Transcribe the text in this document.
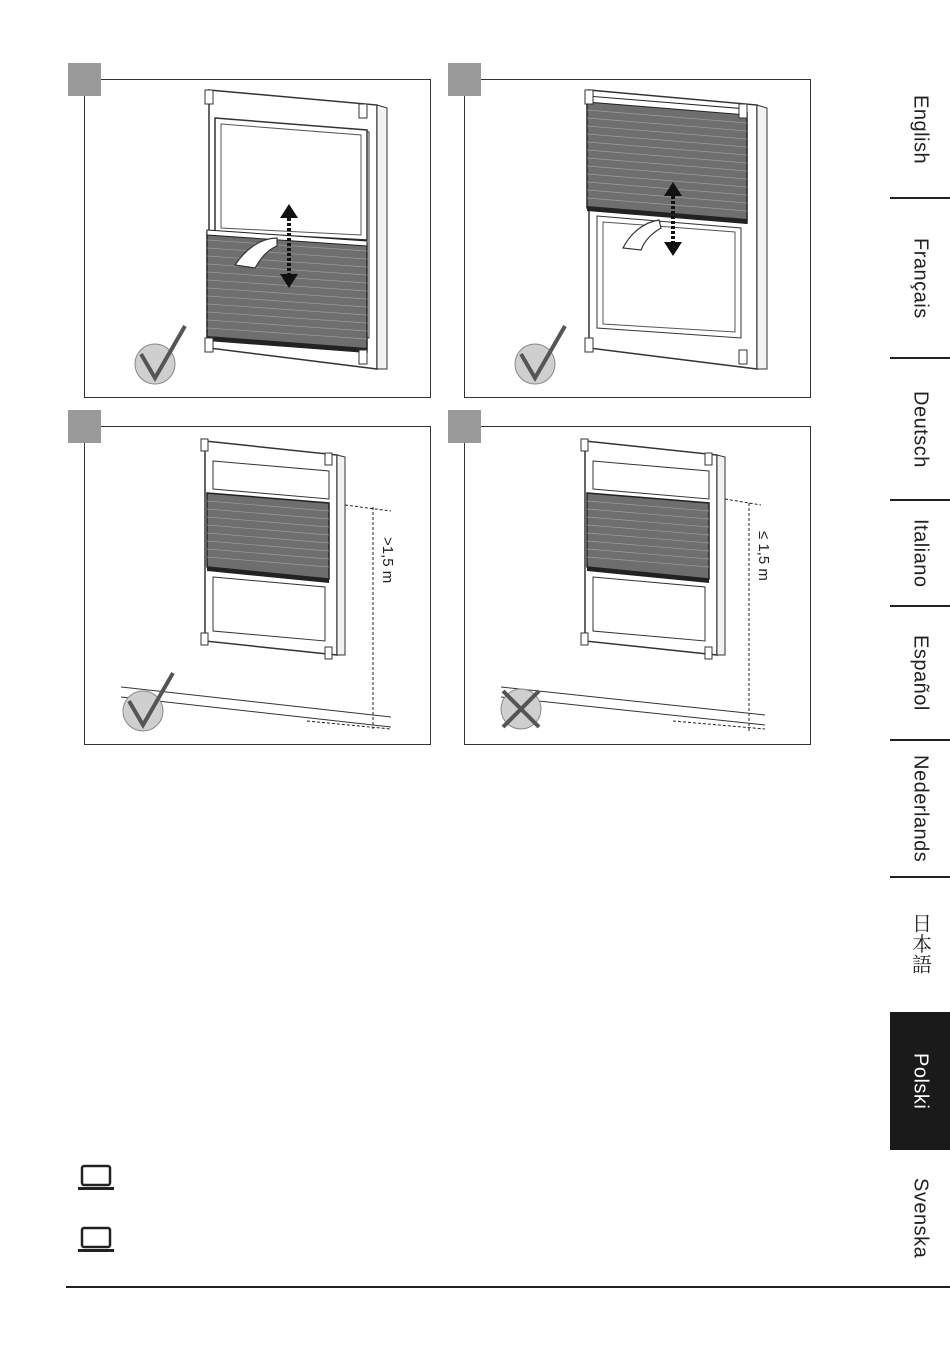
>1,5 m	≤ 1,5 m
English
Français
Deutsch
Italiano
Español
Nederlands
日本語
Polski
Svenska
